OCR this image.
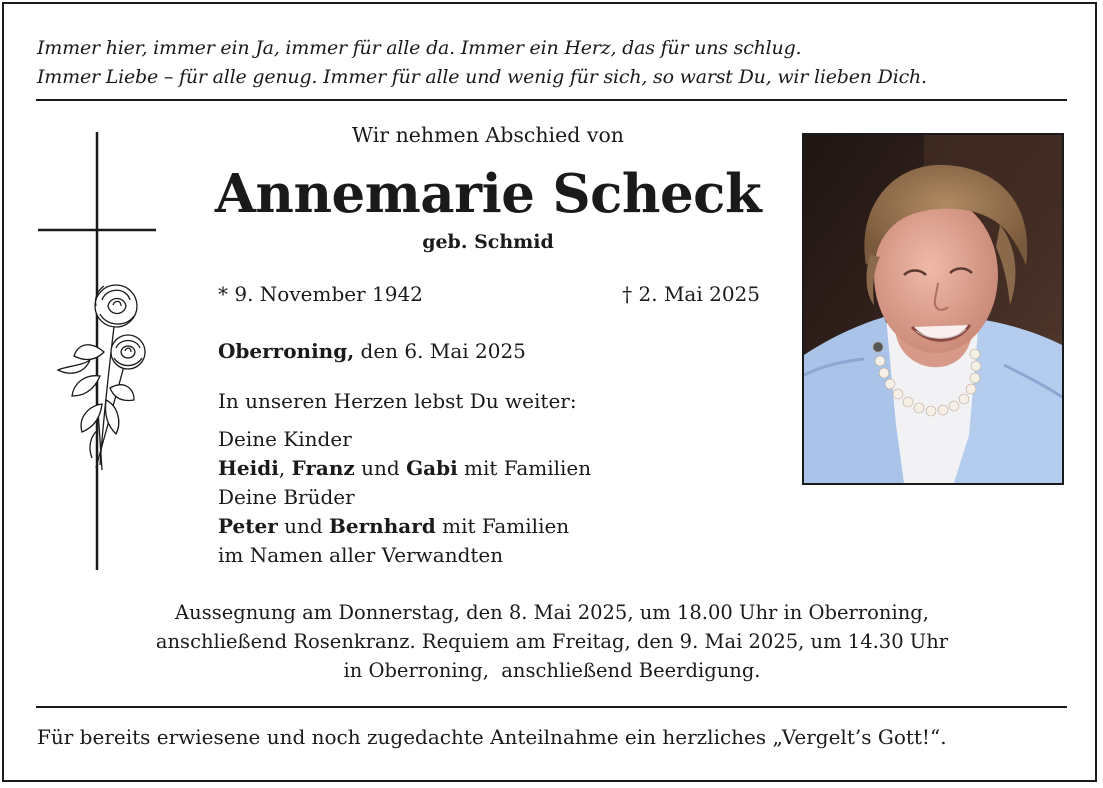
Immer hier, immer ein Ja, immer für alle da. Immer ein Herz, das für uns schlug.
Immer Liebe – für alle genug. Immer für alle und wenig für sich, so warst Du, wir lieben Dich.
Wir nehmen Abschied von
Annemarie Scheck
geb. Schmid
* 9. November 1942	† 2. Mai 2025
Oberroning, den 6. Mai 2025
In unseren Herzen lebst Du weiter:
Deine Kinder
Heidi, Franz und Gabi mit Familien
Deine Brüder
Peter und Bernhard mit Familien
im Namen aller Verwandten
Aussegnung am Donnerstag, den 8. Mai 2025, um 18.00 Uhr in Oberroning,
anschließend Rosenkranz. Requiem am Freitag, den 9. Mai 2025, um 14.30 Uhr
in Oberroning,  anschließend Beerdigung.
Für bereits erwiesene und noch zugedachte Anteilnahme ein herzliches „Vergelt’s Gott!“.
